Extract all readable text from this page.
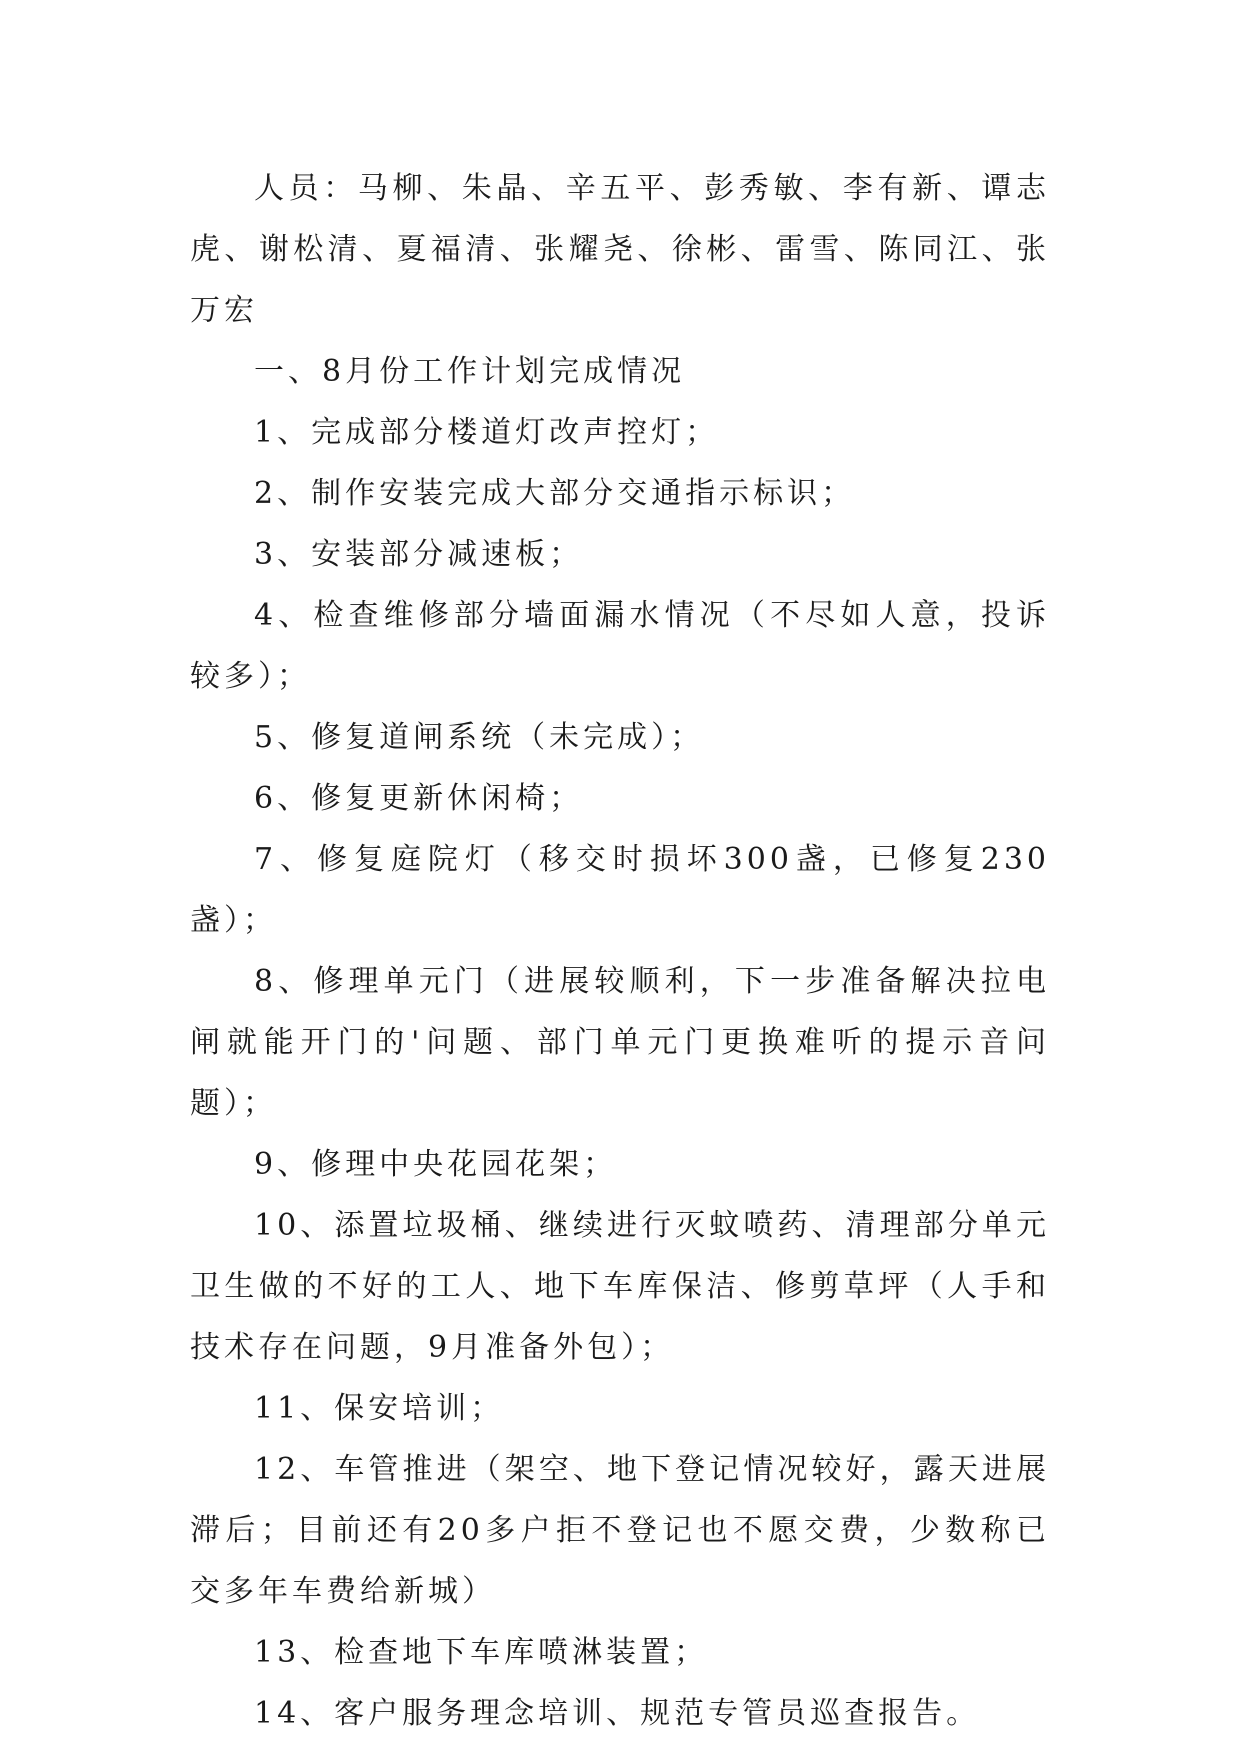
人员：马柳、朱晶、辛五平、彭秀敏、李有新、谭志虎、谢松清、夏福清、张耀尧、徐彬、雷雪、陈同江、张万宏

一、8月份工作计划完成情况

1、完成部分楼道灯改声控灯；

2、制作安装完成大部分交通指示标识；

3、安装部分减速板；

4、检查维修部分墙面漏水情况（不尽如人意，投诉较多）；

5、修复道闸系统（未完成）；

6、修复更新休闲椅；

7、修复庭院灯（移交时损坏300盏，已修复230盏）；

8、修理单元门（进展较顺利，下一步准备解决拉电闸就能开门的'问题、部门单元门更换难听的提示音问题）；

9、修理中央花园花架；

10、添置垃圾桶、继续进行灭蚊喷药、清理部分单元卫生做的不好的工人、地下车库保洁、修剪草坪（人手和技术存在问题，9月准备外包）；

11、保安培训；

12、车管推进（架空、地下登记情况较好，露天进展滞后；目前还有20多户拒不登记也不愿交费，少数称已交多年车费给新城）

13、检查地下车库喷淋装置；

14、客户服务理念培训、规范专管员巡查报告。
